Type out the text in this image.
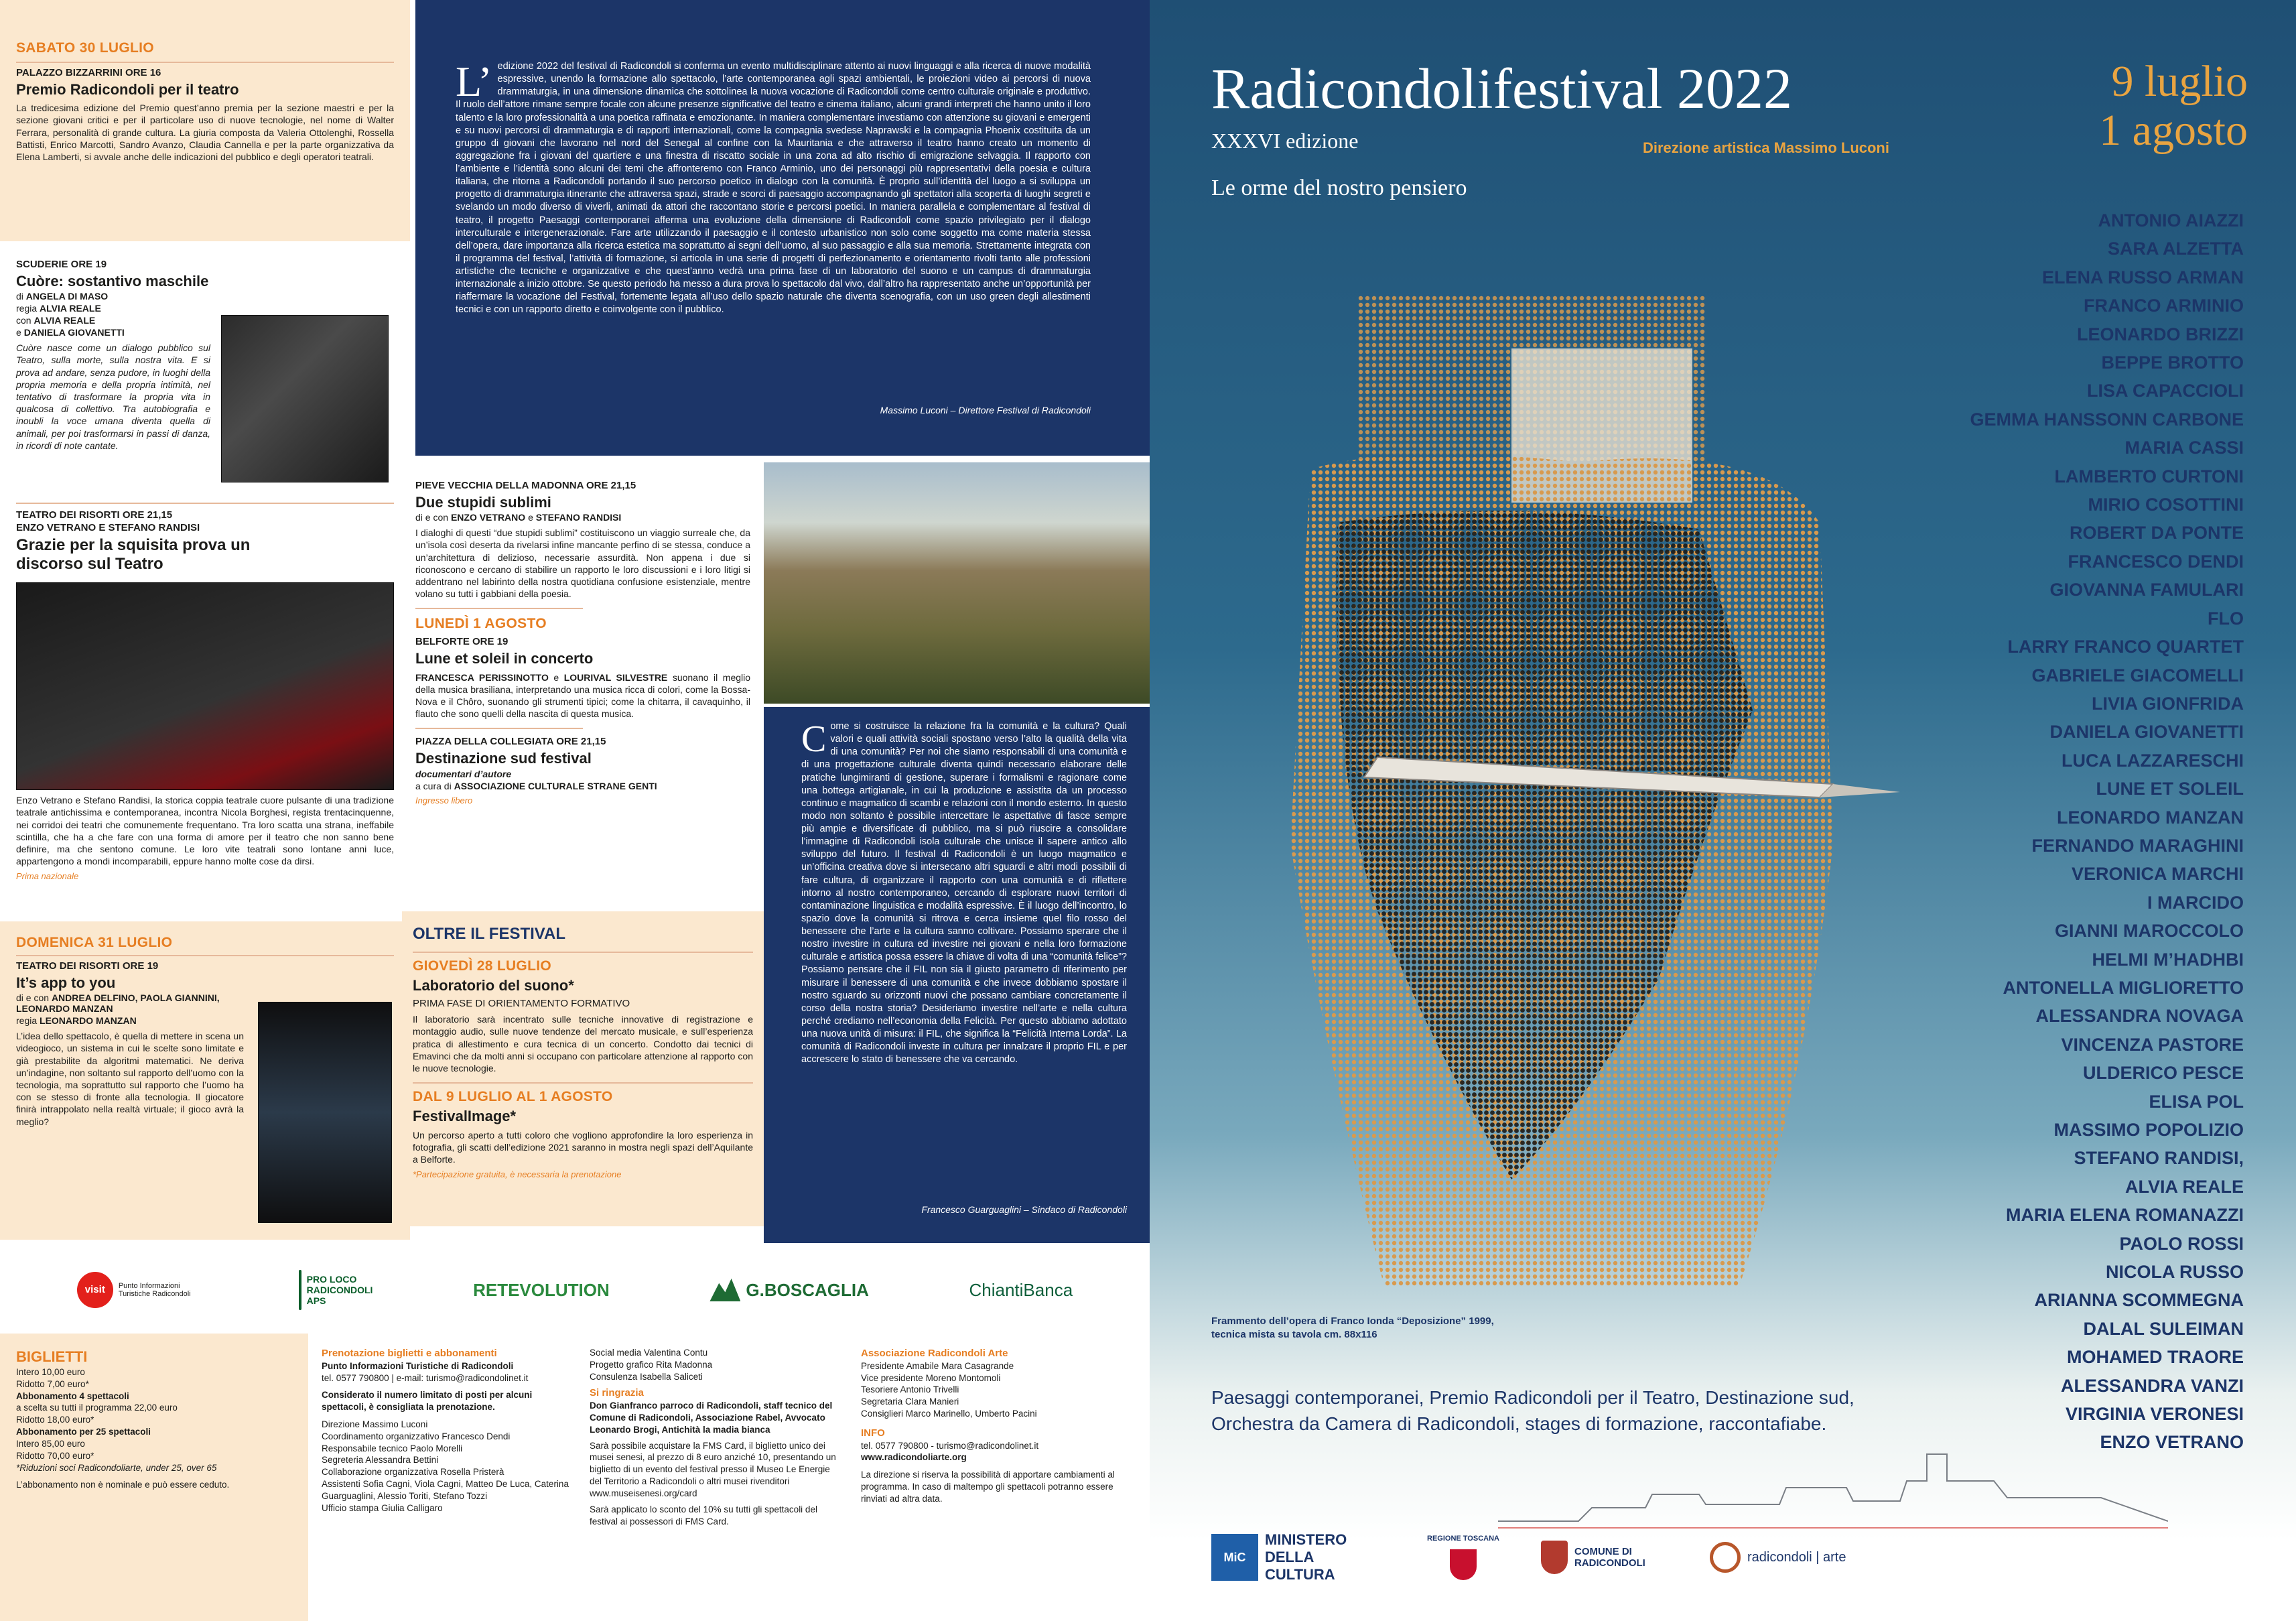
SABATO 30 LUGLIO
PALAZZO BIZZARRINI ORE 16
Premio Radicondoli per il teatro
La tredicesima edizione del Premio quest’anno premia per la sezione maestri e per la sezione giovani critici e per il particolare uso di nuove tecnologie, nel nome di Walter Ferrara, personalità di grande cultura. La giuria composta da Valeria Ottolenghi, Rossella Battisti, Enrico Marcotti, Sandro Avanzo, Claudia Cannella e per la parte organizzativa da Elena Lamberti, si avvale anche delle indicazioni del pubblico e degli operatori teatrali.
SCUDERIE ORE 19
Cuòre: sostantivo maschile
di ANGELA DI MASO
regia ALVIA REALE
con ALVIA REALE
e DANIELA GIOVANETTI
Cuòre nasce come un dialogo pubblico sul Teatro, sulla morte, sulla nostra vita. E si prova ad andare, senza pudore, in luoghi della propria memoria e della propria intimità, nel tentativo di trasformare la propria vita in qualcosa di collettivo. Tra autobiografia e inoubli la voce umana diventa quella di animali, per poi trasformarsi in passi di danza, in ricordi di note cantate.
TEATRO DEI RISORTI ORE 21,15
ENZO VETRANO E STEFANO RANDISI
Grazie per la squisita prova un discorso sul Teatro
Enzo Vetrano e Stefano Randisi, la storica coppia teatrale cuore pulsante di una tradizione teatrale antichissima e contemporanea, incontra Nicola Borghesi, regista trentacinquenne, nei corridoi dei teatri che comunemente frequentano. Tra loro scatta una strana, ineffabile scintilla, che ha a che fare con una forma di amore per il teatro che non sanno bene definire, ma che sentono comune. Le loro vite teatrali sono lontane anni luce, appartengono a mondi incomparabili, eppure hanno molte cose da dirsi.
Prima nazionale
DOMENICA 31 LUGLIO
TEATRO DEI RISORTI ORE 19
It’s app to you
di e con ANDREA DELFINO, PAOLA GIANNINI, LEONARDO MANZAN
regia LEONARDO MANZAN
L’idea dello spettacolo, è quella di mettere in scena un videogioco, un sistema in cui le scelte sono limitate e già prestabilite da algoritmi matematici. Ne deriva un’indagine, non soltanto sul rapporto dell’uomo con la tecnologia, ma soprattutto sul rapporto che l’uomo ha con se stesso di fronte alla tecnologia. Il giocatore finirà intrappolato nella realtà virtuale; il gioco avrà la meglio?
L’ edizione 2022 del festival di Radicondoli si conferma un evento multidisciplinare attento ai nuovi linguaggi e alla ricerca di nuove modalità espressive, unendo la formazione allo spettacolo, l’arte contemporanea agli spazi ambientali, le proiezioni video ai percorsi di nuova drammaturgia, in una dimensione dinamica che sottolinea la nuova vocazione di Radicondoli come centro culturale originale e produttivo. Il ruolo dell’attore rimane sempre focale con alcune presenze significative del teatro e cinema italiano, alcuni grandi interpreti che hanno unito il loro talento e la loro professionalità a una poetica raffinata e emozionante. In maniera complementare investiamo con attenzione su giovani e emergenti e su nuovi percorsi di drammaturgia e di rapporti internazionali, come la compagnia svedese Naprawski e la compagnia Phoenix costituita da un gruppo di giovani che lavorano nel nord del Senegal al confine con la Mauritania e che attraverso il teatro hanno creato un momento di aggregazione fra i giovani del quartiere e una finestra di riscatto sociale in una zona ad alto rischio di emigrazione selvaggia. Il rapporto con l’ambiente e l’identità sono alcuni dei temi che affronteremo con Franco Arminio, uno dei personaggi più rappresentativi della poesia e cultura italiana, che ritorna a Radicondoli portando il suo percorso poetico in dialogo con la comunità. È proprio sull’identità del luogo a si sviluppa un progetto di drammaturgia itinerante che attraversa spazi, strade e scorci di paesaggio accompagnando gli spettatori alla scoperta di luoghi segreti e svelando un modo diverso di viverli, animati da attori che raccontano storie e percorsi poetici. In maniera parallela e complementare al festival di teatro, il progetto Paesaggi contemporanei afferma una evoluzione della dimensione di Radicondoli come spazio privilegiato per il dialogo interculturale e intergenerazionale. Fare arte utilizzando il paesaggio e il contesto urbanistico non solo come soggetto ma come materia stessa dell’opera, dare importanza alla ricerca estetica ma soprattutto ai segni dell’uomo, al suo passaggio e alla sua memoria. Strettamente integrata con il programma del festival, l’attività di formazione, si articola in una serie di progetti di perfezionamento e orientamento rivolti tanto alle professioni artistiche che tecniche e organizzative e che quest’anno vedrà una prima fase di un laboratorio del suono e un campus di drammaturgia internazionale a inizio ottobre. Se questo periodo ha messo a dura prova lo spettacolo dal vivo, dall’altro ha rappresentato anche un’opportunità per riaffermare la vocazione del Festival, fortemente legata all’uso dello spazio naturale che diventa scenografia, con un uso green degli allestimenti tecnici e con un rapporto diretto e coinvolgente con il pubblico.
Massimo Luconi – Direttore Festival di Radicondoli
PIEVE VECCHIA DELLA MADONNA ORE 21,15
Due stupidi sublimi
di e con ENZO VETRANO e STEFANO RANDISI
I dialoghi di questi “due stupidi sublimi” costituiscono un viaggio surreale che, da un’isola così deserta da rivelarsi infine mancante perfino di se stessa, conduce a un’architettura di delizioso, necessarie assurdità. Non appena i due si riconoscono e cercano di stabilire un rapporto le loro discussioni e i loro litigi si addentrano nel labirinto della nostra quotidiana confusione esistenziale, mentre volano su tutti i gabbiani della poesia.
LUNEDÌ 1 AGOSTO
BELFORTE ORE 19
Lune et soleil in concerto
FRANCESCA PERISSINOTTO e LOURIVAL SILVESTRE suonano il meglio della musica brasiliana, interpretando una musica ricca di colori, come la Bossa-Nova e il Chôro, suonando gli strumenti tipici; come la chitarra, il cavaquinho, il flauto che sono quelli della nascita di questa musica.
PIAZZA DELLA COLLEGIATA ORE 21,15
Destinazione sud festival
documentari d’autore
a cura di ASSOCIAZIONE CULTURALE STRANE GENTI
Ingresso libero
OLTRE IL FESTIVAL
GIOVEDÌ 28 LUGLIO
Laboratorio del suono*
PRIMA FASE DI ORIENTAMENTO FORMATIVO
Il laboratorio sarà incentrato sulle tecniche innovative di registrazione e montaggio audio, sulle nuove tendenze del mercato musicale, e sull’esperienza pratica di allestimento e cura tecnica di un concerto. Condotto dai tecnici di Emavinci che da molti anni si occupano con particolare attenzione al rapporto con le nuove tecnologie.
DAL 9 LUGLIO AL 1 AGOSTO
FestivalImage*
Un percorso aperto a tutti coloro che vogliono approfondire la loro esperienza in fotografia, gli scatti dell’edizione 2021 saranno in mostra negli spazi dell’Aquilante a Belforte.
*Partecipazione gratuita, è necessaria la prenotazione
Come si costruisce la relazione fra la comunità e la cultura? Quali valori e quali attività sociali spostano verso l’alto la qualità della vita di una comunità? Per noi che siamo responsabili di una comunità e di una progettazione culturale diventa quindi necessario elaborare delle pratiche lungimiranti di gestione, superare i formalismi e ragionare come una bottega artigianale, in cui la produzione e assistita da un processo continuo e magmatico di scambi e relazioni con il mondo esterno. In questo modo non soltanto è possibile intercettare le aspettative di fasce sempre più ampie e diversificate di pubblico, ma si può riuscire a consolidare l’immagine di Radicondoli isola culturale che unisce il sapere antico allo sviluppo del futuro. Il festival di Radicondoli è un luogo magmatico e un’officina creativa dove si intersecano altri sguardi e altri modi possibili di fare cultura, di organizzare il rapporto con una comunità e di riflettere intorno al nostro contemporaneo, cercando di esplorare nuovi territori di contaminazione linguistica e modalità espressive. È il luogo dell’incontro, lo spazio dove la comunità si ritrova e cerca insieme quel filo rosso del benessere che l’arte e la cultura sanno coltivare. Possiamo sperare che il nostro investire in cultura ed investire nei giovani e nella loro formazione culturale e artistica possa essere la chiave di volta di una “comunità felice”? Possiamo pensare che il FIL non sia il giusto parametro di riferimento per misurare il benessere di una comunità e che invece dobbiamo spostare il nostro sguardo su orizzonti nuovi che possano cambiare concretamente il corso della nostra storia? Desideriamo investire nell’arte e nella cultura perché crediamo nell’economia della Felicità. Per questo abbiamo adottato una nuova unità di misura: il FIL, che significa la “Felicità Interna Lorda”. La comunità di Radicondoli investe in cultura per innalzare il proprio FIL e per accrescere lo stato di benessere che va cercando.
Francesco Guarguaglini – Sindaco di Radicondoli
visit	Punto Informazioni Turistiche Radicondoli
PRO LOCO RADICONDOLI APS
RETEVOLUTION	G.BOSCAGLIA	ChiantiBanca
BIGLIETTI
Intero 10,00 euro
Ridotto 7,00 euro*
Abbonamento 4 spettacoli
a scelta su tutti il programma 22,00 euro
Ridotto 18,00 euro*
Abbonamento per 25 spettacoli
Intero 85,00 euro
Ridotto 70,00 euro*
*Riduzioni soci Radicondoliarte, under 25, over 65
L’abbonamento non è nominale e può essere ceduto.
Prenotazione biglietti e abbonamenti
Punto Informazioni Turistiche di Radicondoli
tel. 0577 790800 | e-mail: turismo@radicondolinet.it
Considerato il numero limitato di posti per alcuni spettacoli, è consigliata la prenotazione.
Direzione Massimo Luconi
Coordinamento organizzativo Francesco Dendi
Responsabile tecnico Paolo Morelli
Segreteria Alessandra Bettini
Collaborazione organizzativa Rosella Pristerà
Assistenti Sofia Cagni, Viola Cagni, Matteo De Luca, Caterina Guarguaglini, Alessio Toriti, Stefano Tozzi
Ufficio stampa Giulia Calligaro
Social media Valentina Contu
Progetto grafico Rita Madonna
Consulenza Isabella Saliceti
Si ringrazia
Don Gianfranco parroco di Radicondoli, staff tecnico del Comune di Radicondoli, Associazione Rabel, Avvocato Leonardo Brogi, Antichità la madia bianca
Sarà possibile acquistare la FMS Card, il biglietto unico dei musei senesi, al prezzo di 8 euro anziché 10, presentando un biglietto di un evento del festival presso il Museo Le Energie del Territorio a Radicondoli o altri musei rivenditori www.museisenesi.org/card
Sarà applicato lo sconto del 10% su tutti gli spettacoli del festival ai possessori di FMS Card.
Associazione Radicondoli Arte
Presidente Amabile Mara Casagrande
Vice presidente Moreno Montomoli
Tesoriere Antonio Trivelli
Segretaria Clara Manieri
Consiglieri Marco Marinello, Umberto Pacini
INFO
tel. 0577 790800 - turismo@radicondolinet.it
www.radicondoliarte.org
La direzione si riserva la possibilità di apportare cambiamenti al programma. In caso di maltempo gli spettacoli potranno essere rinviati ad altra data.
Radicondolifestival 2022
XXXVI edizione	Direzione artistica Massimo Luconi
Le orme del nostro pensiero
9 luglio
1 agosto
ANTONIO AIAZZI
SARA ALZETTA
ELENA RUSSO ARMAN
FRANCO ARMINIO
LEONARDO BRIZZI
BEPPE BROTTO
LISA CAPACCIOLI
GEMMA HANSSONN CARBONE
MARIA CASSI
LAMBERTO CURTONI
MIRIO COSOTTINI
ROBERT DA PONTE
FRANCESCO DENDI
GIOVANNA FAMULARI
FLO
LARRY FRANCO QUARTET
GABRIELE GIACOMELLI
LIVIA GIONFRIDA
DANIELA GIOVANETTI
LUCA LAZZARESCHI
LUNE ET SOLEIL
LEONARDO MANZAN
FERNANDO MARAGHINI
VERONICA MARCHI
I MARCIDO
GIANNI MAROCCOLO
HELMI M’HADHBI
ANTONELLA MIGLIORETTO
ALESSANDRA NOVAGA
VINCENZA PASTORE
ULDERICO PESCE
ELISA POL
MASSIMO POPOLIZIO
STEFANO RANDISI,
ALVIA REALE
MARIA ELENA ROMANAZZI
PAOLO ROSSI
NICOLA RUSSO
ARIANNA SCOMMEGNA
DALAL SULEIMAN
MOHAMED TRAORE
ALESSANDRA VANZI
VIRGINIA VERONESI
ENZO VETRANO
Frammento dell’opera di Franco Ionda “Deposizione” 1999,
tecnica mista su tavola cm. 88x116
Paesaggi contemporanei, Premio Radicondoli per il Teatro, Destinazione sud,
Orchestra da Camera di Radicondoli, stages di formazione, raccontafiabe.
MiC
MINISTERO DELLA CULTURA
REGIONE TOSCANA
COMUNE DI RADICONDOLI	radicondoli | arte
